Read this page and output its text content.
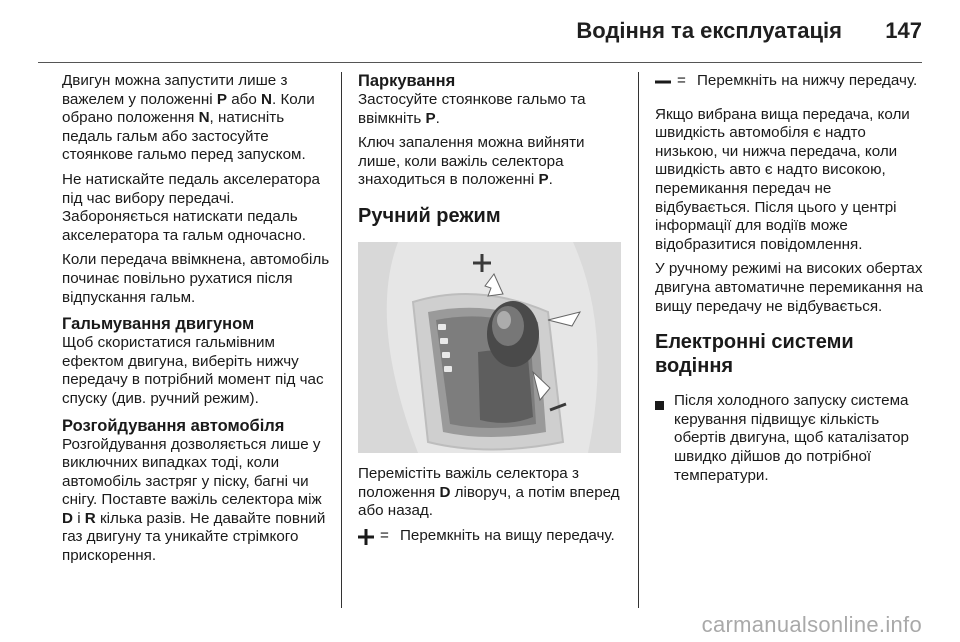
Водіння та експлуатація 147

Двигун можна запустити лише з важелем у положенні P або N. Коли обрано положення N, натисніть педаль гальм або застосуйте стоянкове гальмо перед запуском.

Не натискайте педаль акселератора під час вибору передачі. Забороняється натискати педаль акселератора та гальм одночасно.

Коли передача ввімкнена, автомобіль починає повільно рухатися після відпускання гальм.

Гальмування двигуном

Щоб скористатися гальмівним ефектом двигуна, виберіть нижчу передачу в потрібний момент під час спуску (див. ручний режим).

Розгойдування автомобіля

Розгойдування дозволяється лише у виключних випадках тоді, коли автомобіль застряг у піску, багні чи снігу. Поставте важіль селектора між D і R кілька разів. Не давайте повний газ двигуну та уникайте стрімкого прискорення.

Паркування

Застосуйте стоянкове гальмо та ввімкніть P.

Ключ запалення можна вийняти лише, коли важіль селектора знаходиться в положенні P.

Ручний режим

Перемістіть важіль селектора з положення D ліворуч, а потім вперед або назад.

= Перемкніть на вищу передачу.
= Перемкніть на нижчу передачу.

Якщо вибрана вища передача, коли швидкість автомобіля є надто низькою, чи нижча передача, коли швидкість авто є надто високою, перемикання передач не відбувається. Після цього у центрі інформації для водіїв може відобразитися повідомлення.

У ручному режимі на високих обертах двигуна автоматичне перемикання на вищу передачу не відбувається.

Електронні системи водіння
Після холодного запуску система керування підвищує кількість обертів двигуна, щоб каталізатор швидко дійшов до потрібної температури.
carmanualsonline.info
